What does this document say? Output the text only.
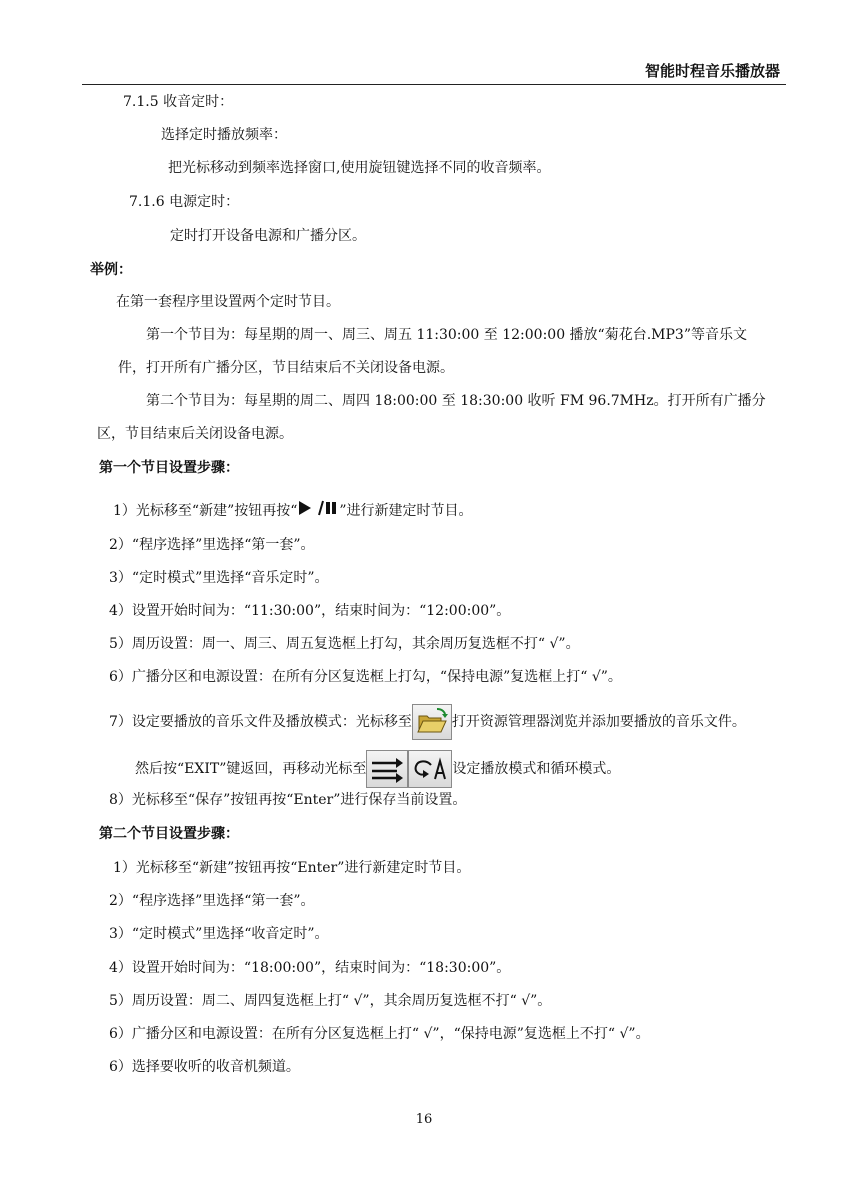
智能时程音乐播放器
7.1.5 收音定时：
选择定时播放频率：
把光标移动到频率选择窗口,使用旋钮键选择不同的收音频率。
7.1.6 电源定时：
定时打开设备电源和广播分区。
举例：
在第一套程序里设置两个定时节目。
第一个节目为：每星期的周一、周三、周五 11:30:00 至 12:00:00 播放“菊花台.MP3”等音乐文
件，打开所有广播分区，节目结束后不关闭设备电源。
第二个节目为：每星期的周二、周四 18:00:00 至 18:30:00 收听 FM 96.7MHz。打开所有广播分
区，节目结束后关闭设备电源。
第一个节目设置步骤：
1）光标移至“新建”按钮再按“	”进行新建定时节目。
2）“程序选择”里选择“第一套”。
3）“定时模式”里选择“音乐定时”。
4）设置开始时间为：“11:30:00”，结束时间为：“12:00:00”。
5）周历设置：周一、周三、周五复选框上打勾，其余周历复选框不打“ √”。
6）广播分区和电源设置：在所有分区复选框上打勾，“保持电源”复选框上打“ √”。
7）设定要播放的音乐文件及播放模式：光标移至	打开资源管理器浏览并添加要播放的音乐文件。
然后按“EXIT”键返回，再移动光标至	设定播放模式和循环模式。
8）光标移至“保存”按钮再按“Enter”进行保存当前设置。
第二个节目设置步骤：
1）光标移至“新建”按钮再按“Enter”进行新建定时节目。
2）“程序选择”里选择“第一套”。
3）“定时模式”里选择“收音定时”。
4）设置开始时间为：“18:00:00”，结束时间为：“18:30:00”。
5）周历设置：周二、周四复选框上打“ √”，其余周历复选框不打“ √”。
6）广播分区和电源设置：在所有分区复选框上打“ √”，“保持电源”复选框上不打“ √”。
6）选择要收听的收音机频道。
16
